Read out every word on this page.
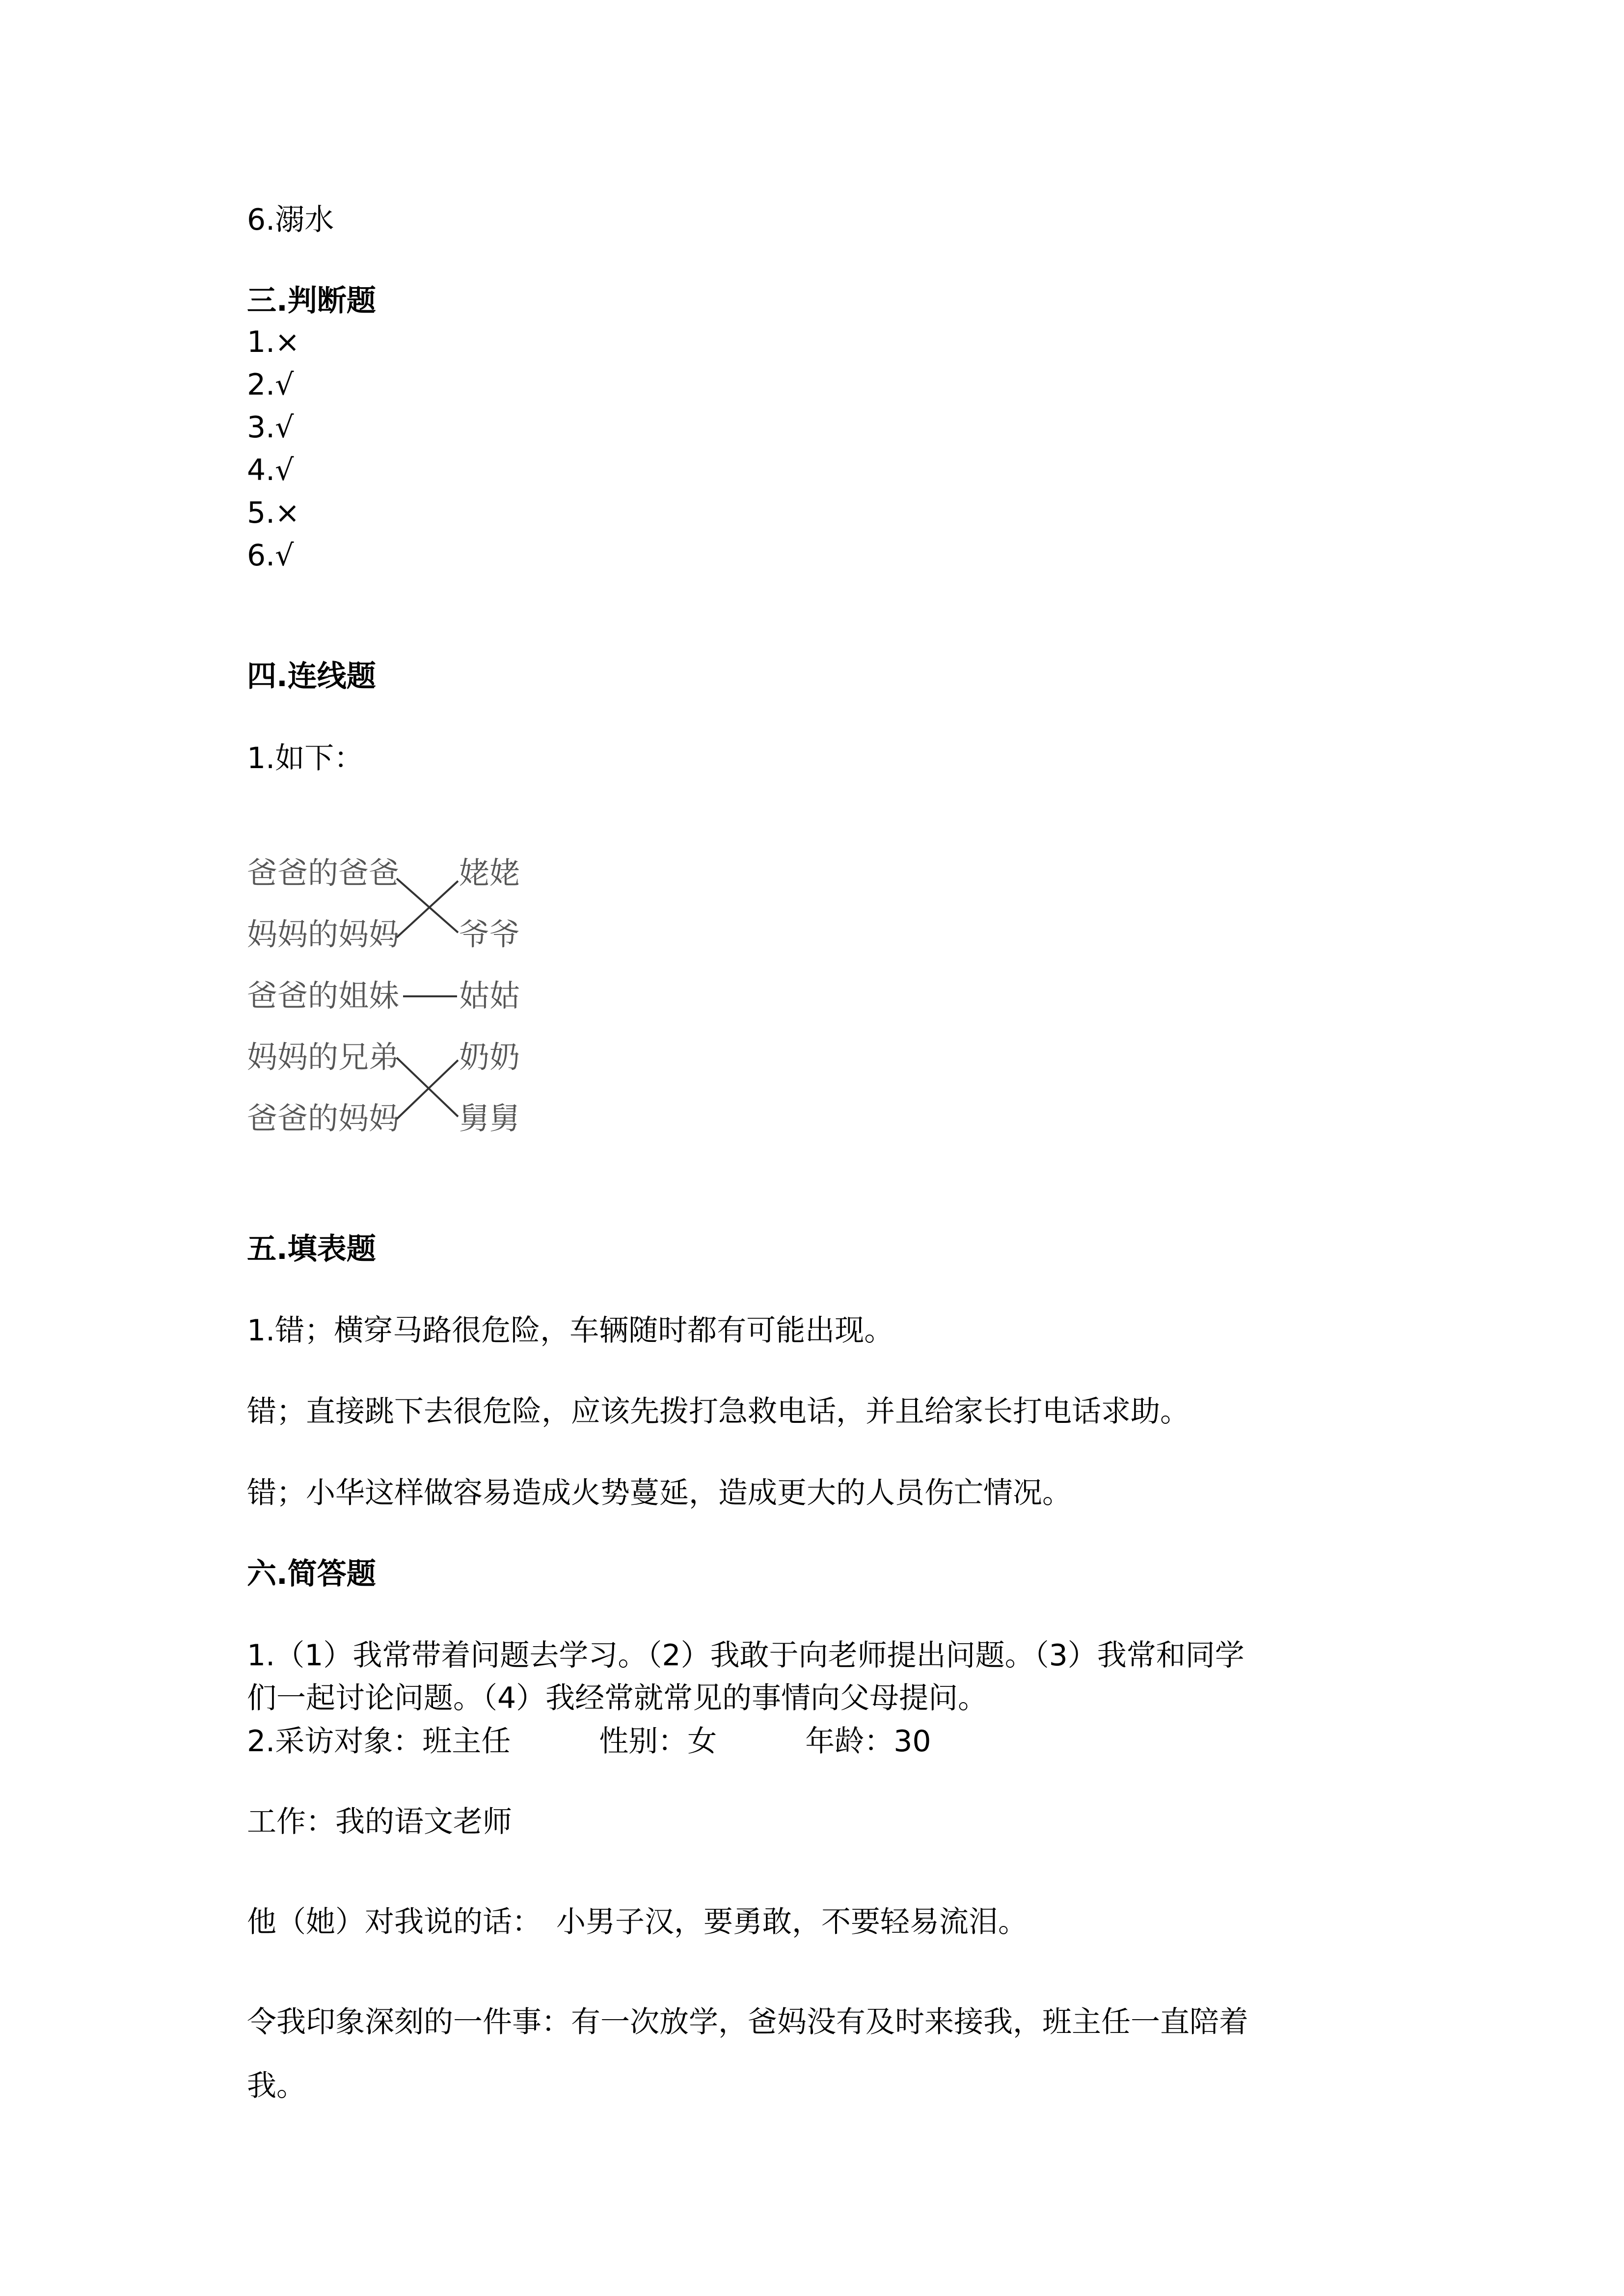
6.溺水
三.判断题
1.×
2.√
3.√
4.√
5.×
6.√
四.连线题
1.如下：
爸爸的爸爸
妈妈的妈妈
爸爸的姐妹
妈妈的兄弟
爸爸的妈妈
姥姥
爷爷
姑姑
奶奶
舅舅
五.填表题
1.错；横穿马路很危险，车辆随时都有可能出现。
错；直接跳下去很危险，应该先拨打急救电话，并且给家长打电话求助。
错；小华这样做容易造成火势蔓延，造成更大的人员伤亡情况。
六.简答题
1.（1）我常带着问题去学习。（2）我敢于向老师提出问题。（3）我常和同学
们一起讨论问题。（4）我经常就常见的事情向父母提问。
2.采访对象：班主任　　　性别：女　　　年龄：30
工作：我的语文老师
他（她）对我说的话：　小男子汉，要勇敢，不要轻易流泪。
令我印象深刻的一件事：有一次放学，爸妈没有及时来接我，班主任一直陪着
我。
